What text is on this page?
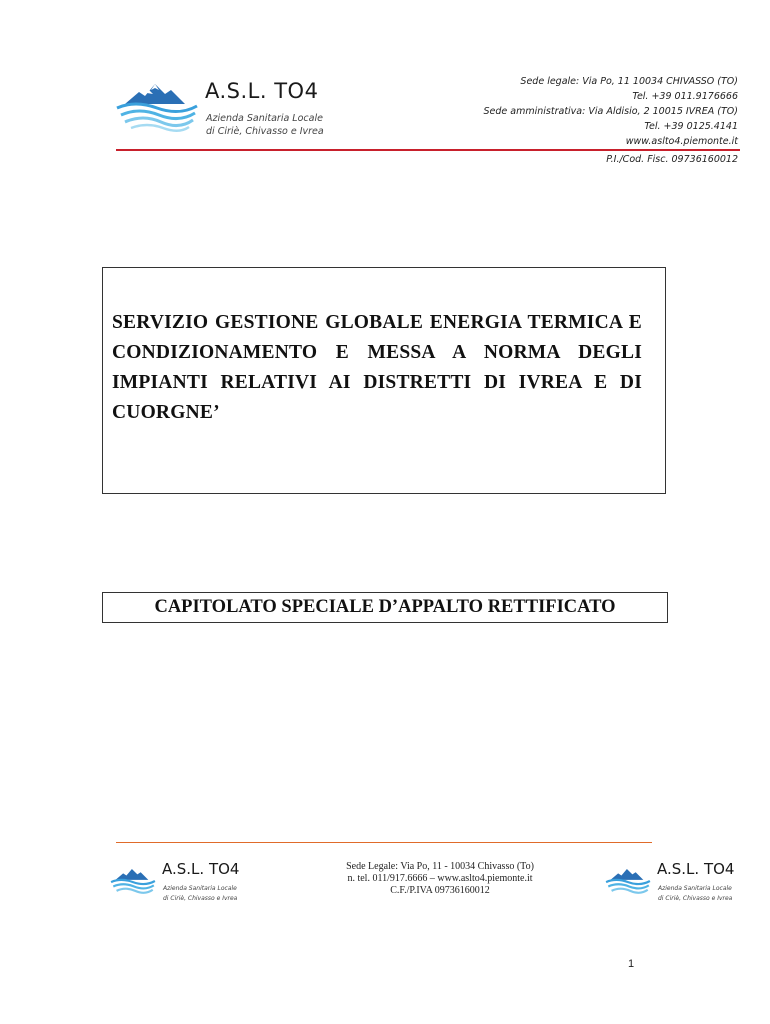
A.S.L. TO4
Azienda Sanitaria Locale
di Ciriè, Chivasso e Ivrea
Sede legale: Via Po, 11 10034 CHIVASSO (TO)
Tel. +39 011.9176666
Sede amministrativa: Via Aldisio, 2 10015 IVREA (TO)
Tel. +39 0125.4141
www.aslto4.piemonte.it
P.I./Cod. Fisc. 09736160012
SERVIZIO GESTIONE GLOBALE ENERGIA TERMICA E CONDIZIONAMENTO E MESSA A NORMA DEGLI IMPIANTI RELATIVI AI DISTRETTI DI IVREA E DI CUORGNE’
CAPITOLATO SPECIALE D’APPALTO RETTIFICATO
A.S.L. TO4
Azienda Sanitaria Locale
di Ciriè, Chivasso e Ivrea
Sede Legale: Via Po, 11 - 10034 Chivasso (To)
n. tel. 011/917.6666 – www.aslto4.piemonte.it
C.F./P.IVA 09736160012
A.S.L. TO4
Azienda Sanitaria Locale
di Ciriè, Chivasso e Ivrea
1
